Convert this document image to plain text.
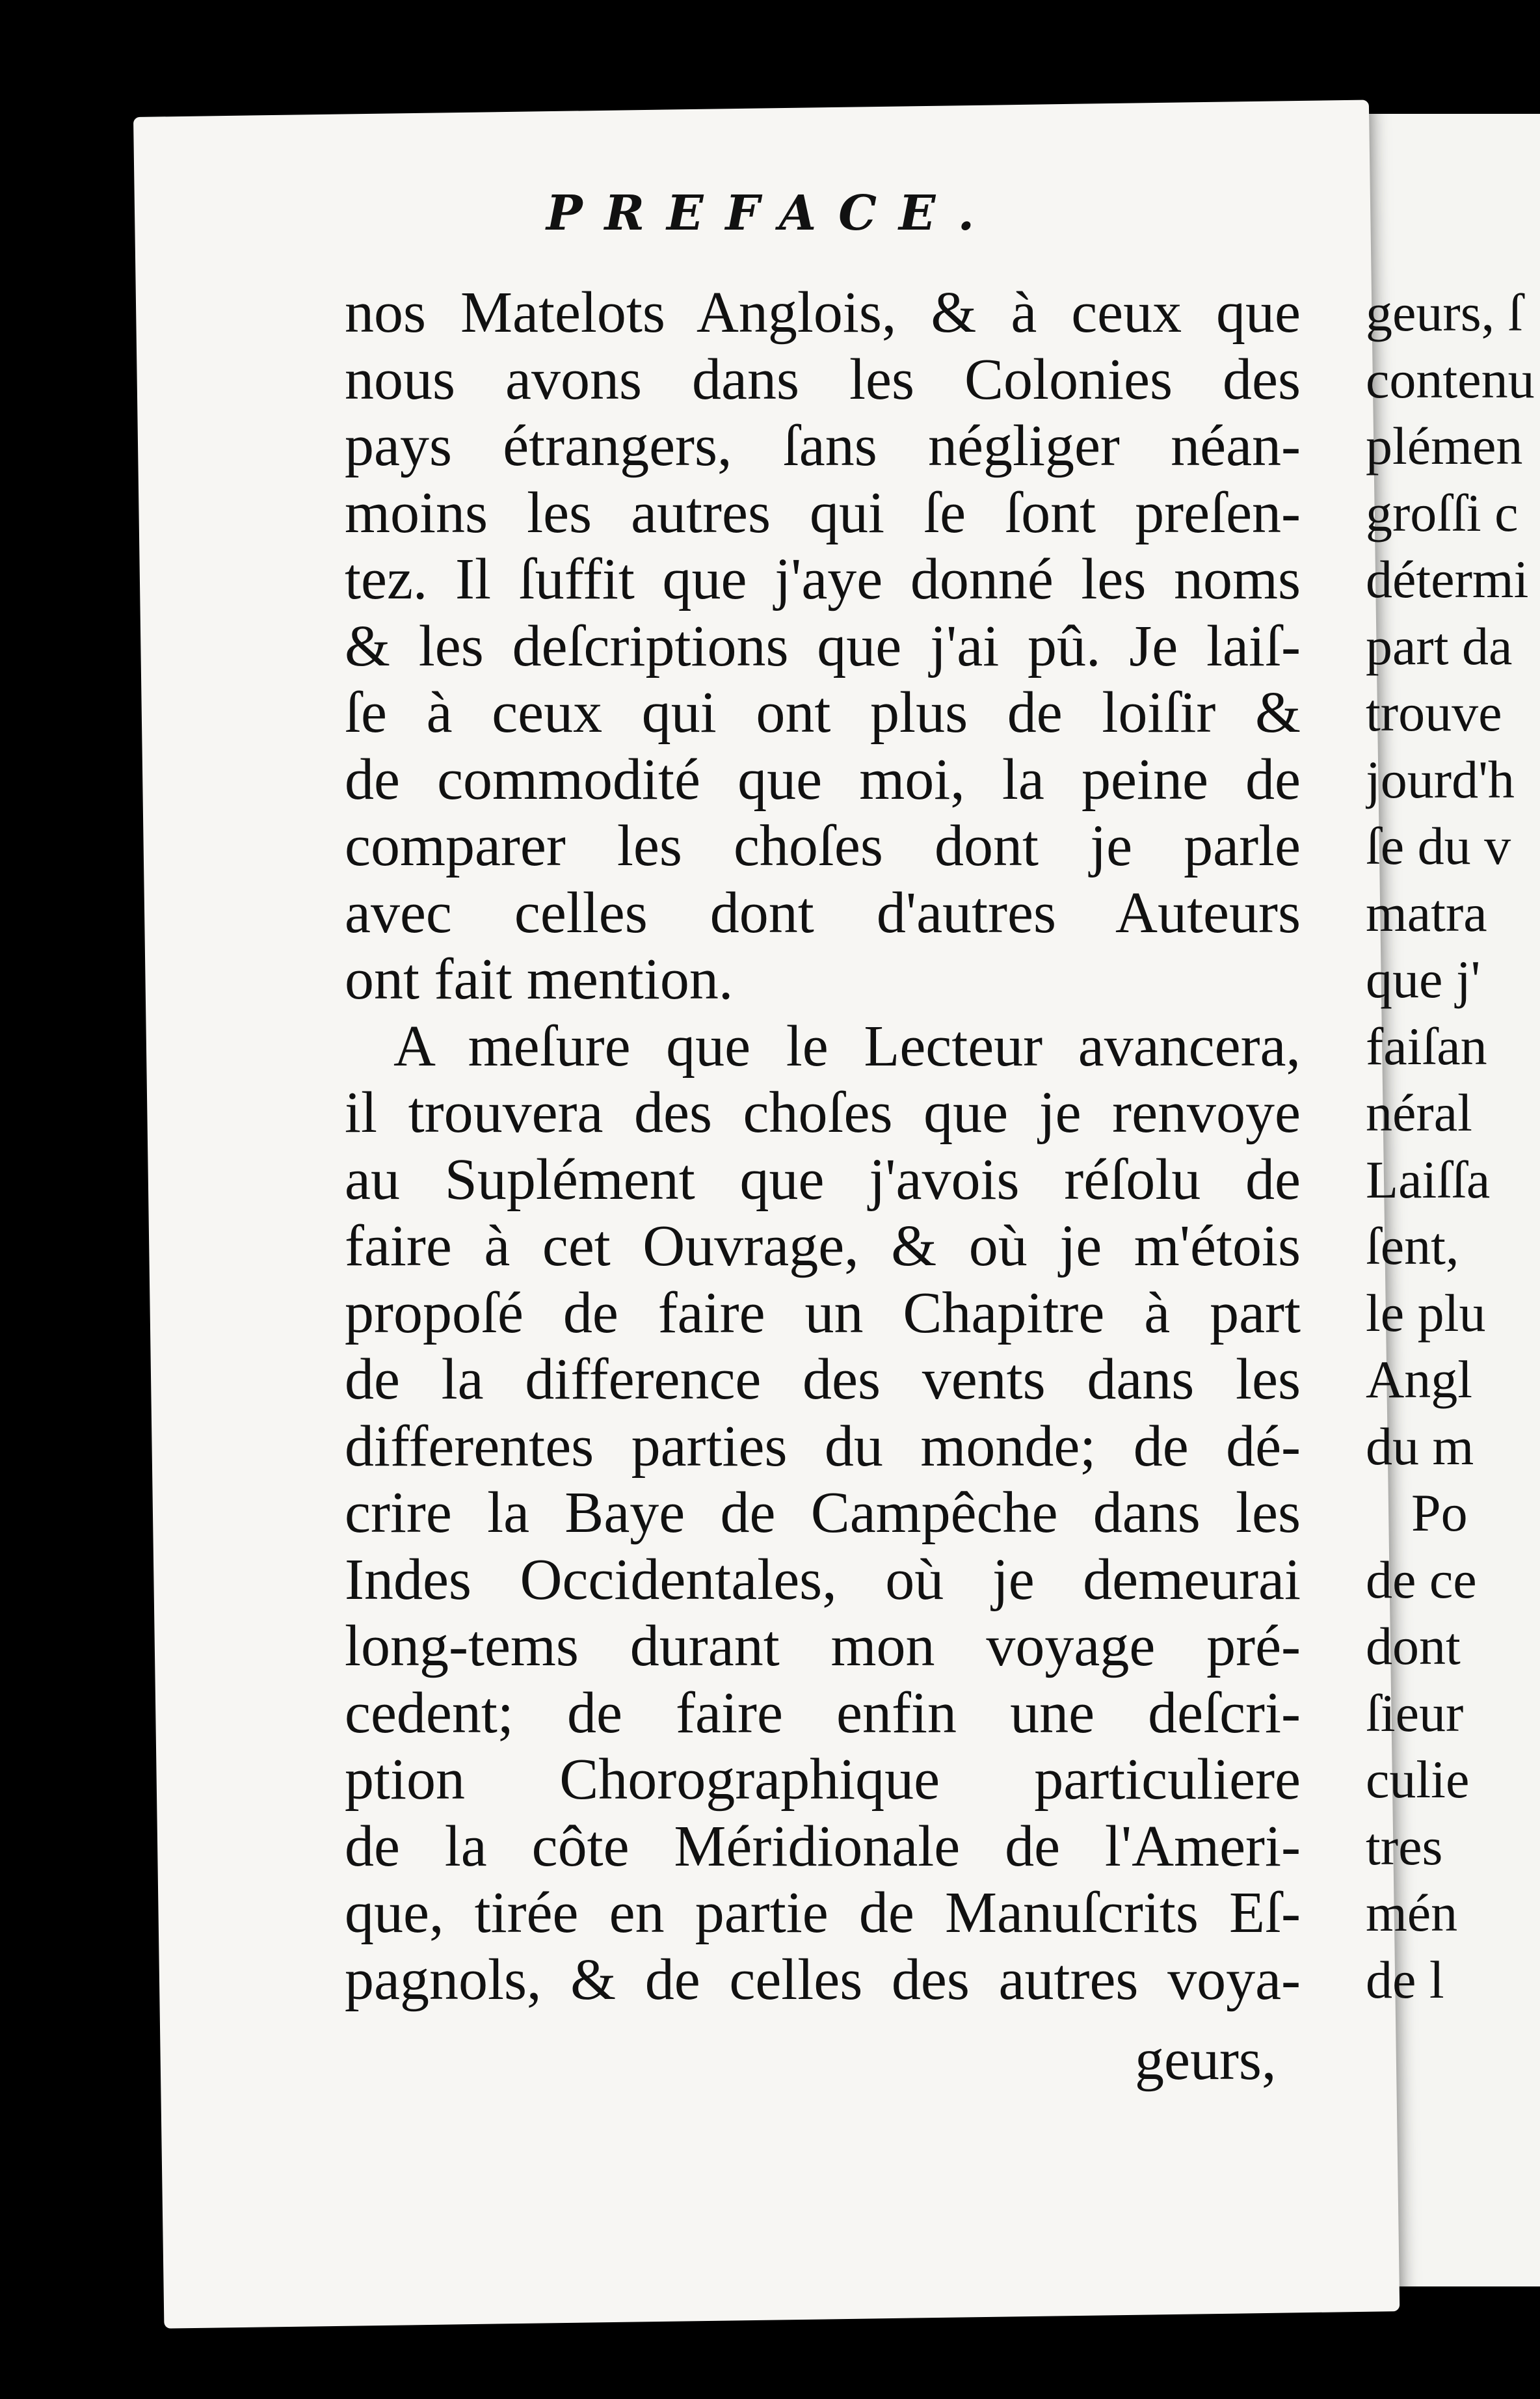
PREFACE.
nos Matelots Anglois, & à ceux que
nous avons dans les Colonies des
pays étrangers, ſans négliger néan-
moins les autres qui ſe ſont preſen-
tez. Il ſuffit que j'aye donné les noms
& les deſcriptions que j'ai pû. Je laiſ-
ſe à ceux qui ont plus de loiſir &
de commodité que moi, la peine de
comparer les choſes dont je parle
avec celles dont d'autres Auteurs
ont fait mention.
A meſure que le Lecteur avancera,
il trouvera des choſes que je renvoye
au Suplément que j'avois réſolu de
faire à cet Ouvrage, & où je m'étois
propoſé de faire un Chapitre à part
de la difference des vents dans les
differentes parties du monde; de dé-
crire la Baye de Campêche dans les
Indes Occidentales, où je demeurai
long-tems durant mon voyage pré-
cedent; de faire enfin une deſcri-
ption Chorographique particuliere
de la côte Méridionale de l'Ameri-
que, tirée en partie de Manuſcrits Eſ-
pagnols, & de celles des autres voya-
geurs,
geurs, ſ
contenu
plémen
groſſi c
détermi
part da
trouve
jourd'h
ſe du v
matra
que j'
faiſan
néral
Laiſſa
ſent,
le plu
Angl
du m
Po
de ce
dont
ſieur
culie
tres
mén
de l
